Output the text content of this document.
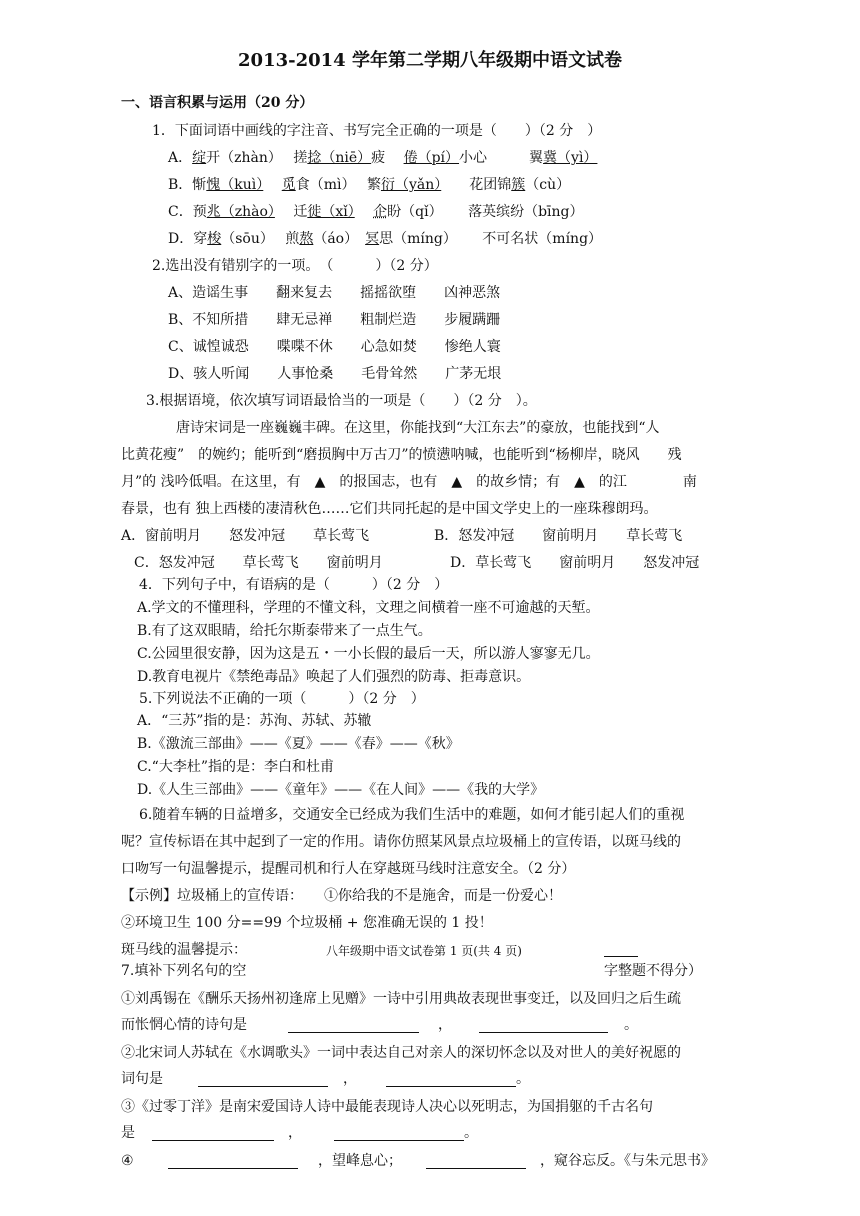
2013-2014 学年第二学期八年级期中语文试卷
一、语言积累与运用（20 分）
1．下面词语中画线的字注音、书写完全正确的一项是（　　）（2 分　）
A．绽开（zhàn）　 搓捻（niē）疲　 倦（pí）小心　　　	翼冀（yì）
B．惭愧（kuì）　 觅食（mì）　 繁衍（yǎn）　　 花团锦簇（cù）
C．预兆（zhào）　 迁徙（xǐ）　 企盼（qǐ）　　 落英缤纷（bīng）
D．穿梭（sōu）　 煎熬（áo）　 冥思（míng）　　 不可名状（míng）
2.选出没有错别字的一项。　（　　　）（2 分）
A、造谣生事　　 翻来复去　　 摇摇欲堕　　 凶神恶煞
B、不知所措　　 肆无忌禅　　 粗制烂造　　 步履蹒跚
C、诚惶诚恐　　 喋喋不休　　 心急如焚　　 惨绝人寰
D、骇人听闻　　 人事怆桑　　 毛骨耸然　　 广茅无垠
3.根据语境，依次填写词语最恰当的一项是（　　）（2 分　）。
唐诗宋词是一座巍巍丰碑。在这里，你能找到“大江东去”的豪放，也能找到“人
比黄花瘦”　的婉约；能听到“磨损胸中万古刀”的愤懑呐喊，也能听到“杨柳岸，晓风　　残
月”的 浅吟低唱。在这里，有　▲　的报国志，也有　▲　的故乡情；有　▲　的江　　　　南
春景，也有 独上西楼的凄清秋色……它们共同托起的是中国文学史上的一座珠穆朗玛。
A．窗前明月　　怒发冲冠　　草长莺飞	B．怒发冲冠　　窗前明月　　草长莺飞
C．怒发冲冠　　草长莺飞　　窗前明月	D．草长莺飞　　窗前明月　　怒发冲冠
4．下列句子中，有语病的是（　　　）（2 分　）
A.学文的不懂理科，学理的不懂文科，文理之间横着一座不可逾越的天堑。
B.有了这双眼睛，给托尔斯泰带来了一点生气。
C.公园里很安静，因为这是五・一小长假的最后一天，所以游人寥寥无几。
D.教育电视片《禁绝毒品》唤起了人们强烈的防毒、拒毒意识。
5.下列说法不正确的一项（　　　）（2 分　）
A．“三苏”指的是：苏洵、苏轼、苏辙
B.《激流三部曲》——《夏》——《春》——《秋》
C.“大李杜”指的是：李白和杜甫
D.《人生三部曲》——《童年》——《在人间》——《我的大学》
6.随着车辆的日益增多，交通安全已经成为我们生活中的难题，如何才能引起人们的重视
呢？宣传标语在其中起到了一定的作用。请你仿照某风景点垃圾桶上的宣传语，以斑马线的
口吻写一句温馨提示，提醒司机和行人在穿越斑马线时注意安全。（2 分）
【示例】垃圾桶上的宣传语：　　①你给我的不是施舍，而是一份爱心！
②环境卫生 100 分==99 个垃圾桶 + 您准确无误的 1 投！
斑马线的温馨提示：	八年级期中语文试卷第 1 页(共 4 页)
7.填补下列名句的空	字整题不得分）
①刘禹锡在《酬乐天扬州初逢席上见赠》一诗中引用典故表现世事变迁，以及回归之后生疏
而怅惘心情的诗句是	，	。
②北宋词人苏轼在《水调歌头》一词中表达自己对亲人的深切怀念以及对世人的美好祝愿的
词句是	，	。
③《过零丁洋》是南宋爱国诗人诗中最能表现诗人决心以死明志，为国捐躯的千古名句
是	，	。
④	，望峰息心；	，窥谷忘反。《与朱元思书》
